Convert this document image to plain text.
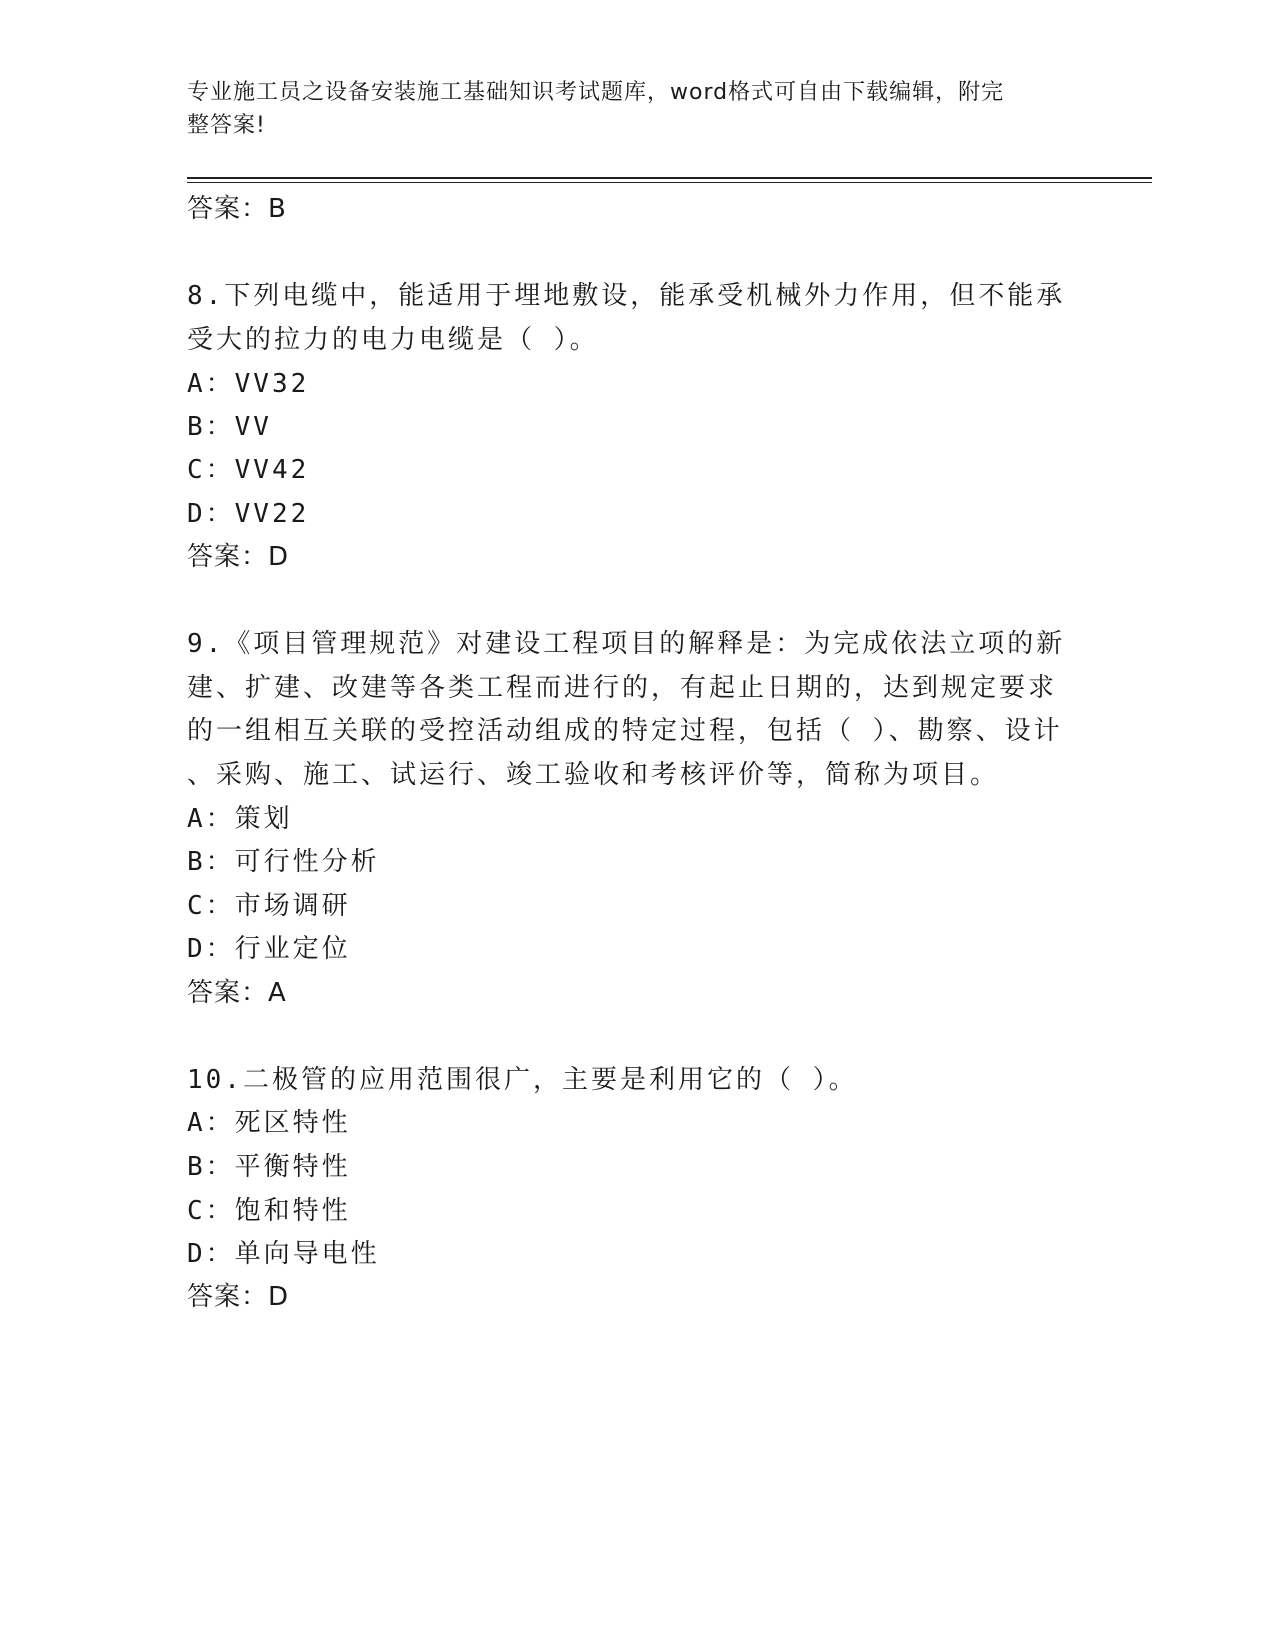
专业施工员之设备安装施工基础知识考试题库，word格式可自由下载编辑，附完
整答案!
答案：B
8.下列电缆中，能适用于埋地敷设，能承受机械外力作用，但不能承
受大的拉力的电力电缆是（ ）。
A：VV32
B：VV
C：VV42
D：VV22
答案：D
9.《项目管理规范》对建设工程项目的解释是：为完成依法立项的新
建、扩建、改建等各类工程而进行的，有起止日期的，达到规定要求
的一组相互关联的受控活动组成的特定过程，包括（ ）、勘察、设计
、采购、施工、试运行、竣工验收和考核评价等，简称为项目。
A：策划
B：可行性分析
C：市场调研
D：行业定位
答案：A
10.二极管的应用范围很广，主要是利用它的（ ）。
A：死区特性
B：平衡特性
C：饱和特性
D：单向导电性
答案：D
